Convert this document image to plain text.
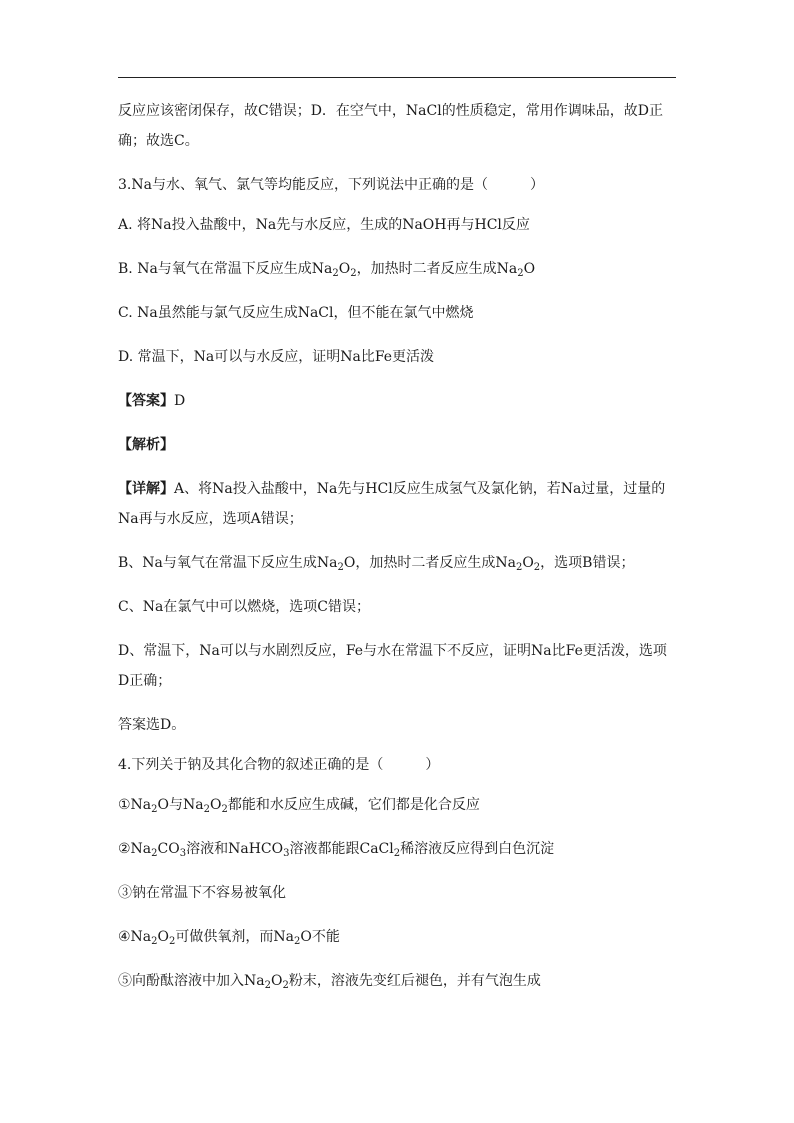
反应应该密闭保存，故C错误；D．在空气中，NaCl的性质稳定，常用作调味品，故D正确；故选C。

3.Na与水、氧气、氯气等均能反应，下列说法中正确的是（　　　）

A. 将Na投入盐酸中，Na先与水反应，生成的NaOH再与HCl反应

B. Na与氧气在常温下反应生成$Na_2O_2$，加热时二者反应生成$Na_2O$

C. Na虽然能与氯气反应生成NaCl，但不能在氯气中燃烧

D. 常温下，Na可以与水反应，证明Na比Fe更活泼

【答案】D

【解析】

【详解】A、将Na投入盐酸中，Na先与HCl反应生成氢气及氯化钠，若Na过量，过量的Na再与水反应，选项A错误；

B、Na与氧气在常温下反应生成$Na_2O$，加热时二者反应生成$Na_2O_2$，选项B错误；

C、Na在氯气中可以燃烧，选项C错误；

D、常温下，Na可以与水剧烈反应，Fe与水在常温下不反应，证明Na比Fe更活泼，选项D正确；

答案选D。

4.下列关于钠及其化合物的叙述正确的是（　　　）

$①Na_2O$与$Na_2O_2$都能和水反应生成碱，它们都是化合反应

$②Na_2CO_3$溶液和NaHCO$_3$溶液都能跟CaCl$_2$稀溶液反应得到白色沉淀

③钠在常温下不容易被氧化

$④Na_2O_2$可做供氧剂，而$Na_2O$不能

⑤向酚酞溶液中加入$Na_2O_2$粉末，溶液先变红后褪色，并有气泡生成
